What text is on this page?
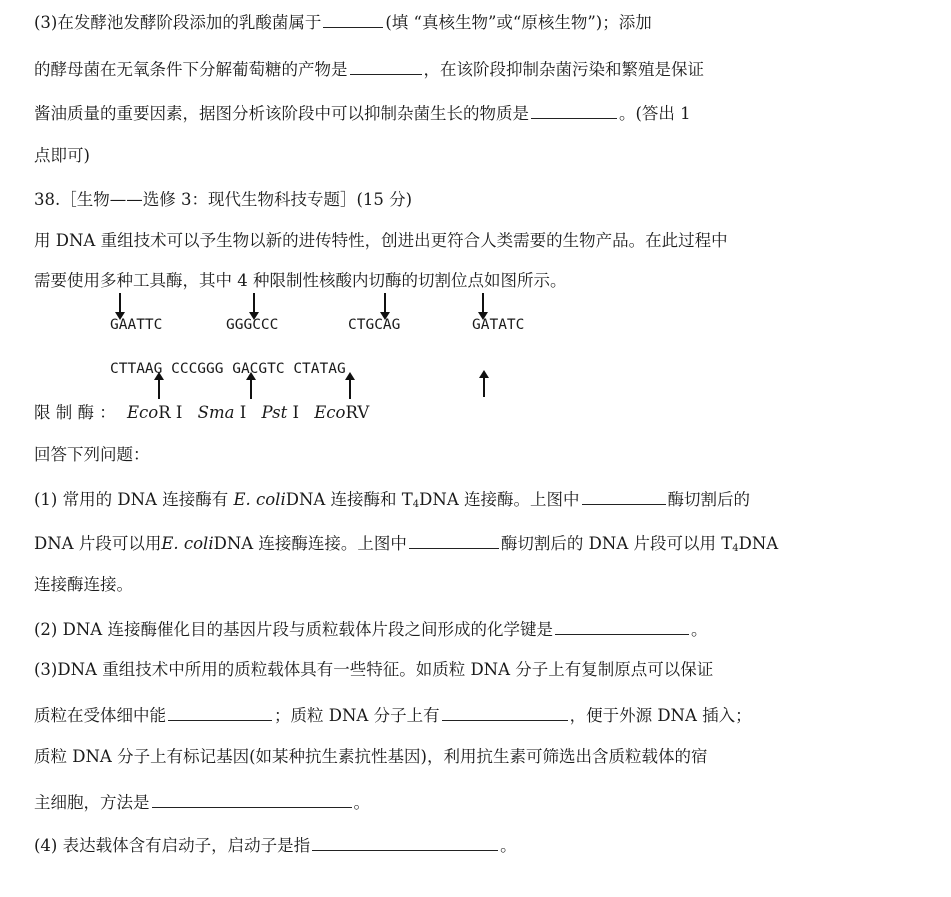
(3)在发酵池发酵阶段添加的乳酸菌属于	(填 “真核生物”或“原核生物”)；添加
的酵母菌在无氧条件下分解葡萄糖的产物是	，在该阶段抑制杂菌污染和繁殖是保证
酱油质量的重要因素，据图分析该阶段中可以抑制杂菌生长的物质是	。(答出 1
点即可)
38.［生物——选修 3：现代生物科技专题］(15 分)
用 DNA 重组技术可以予生物以新的进传特性，创进出更符合人类需要的生物产品。在此过程中
需要使用多种工具酶，其中 4 种限制性核酸内切酶的切割位点如图所示。
GAATTC	GGGCCC	CTGCAG	GATATC
CTTAAG CCCGGG GACGTC CTATAG
限 制 酶 ： EcoR Ⅰ Sma Ⅰ Pst Ⅰ EcoRV
回答下列问题：
(1) 常用的 DNA 连接酶有 E. coliDNA 连接酶和 $T_4DNA$ 连接酶。上图中	酶切割后的
DNA 片段可以用E. coliDNA 连接酶连接。上图中	酶切割后的 DNA 片段可以用 $T_4DNA$
连接酶连接。
(2) DNA 连接酶催化目的基因片段与质粒载体片段之间形成的化学键是	。
(3)DNA 重组技术中所用的质粒载体具有一些特征。如质粒 DNA 分子上有复制原点可以保证
质粒在受体细中能	；质粒 DNA 分子上有	，便于外源 DNA 插入；
质粒 DNA 分子上有标记基因(如某种抗生素抗性基因)，利用抗生素可筛选出含质粒载体的宿
主细胞，方法是	。
(4) 表达载体含有启动子，启动子是指	。
